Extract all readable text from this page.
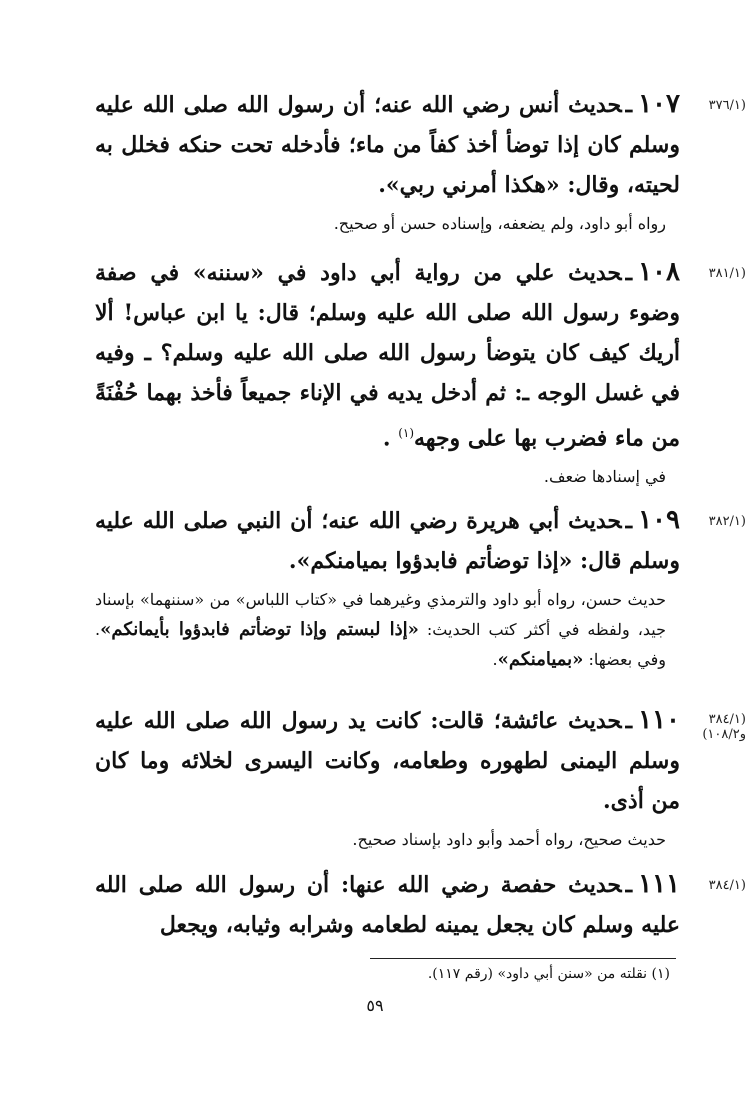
(٣٧٦/١

١٠٧ـحديث أنس رضي الله عنه؛ أن رسول الله صلى الله عليه وسلم كان إذا توضأ أخذ كفاً من ماء؛ فأدخله تحت حنكه فخلل به لحيته، وقال: «هكذا أمرني ربي».

رواه أبو داود، ولم يضعفه، وإسناده حسن أو صحيح.

(٣٨١/١

١٠٨ـحديث علي من رواية أبي داود في «سننه» في صفة وضوء رسول الله صلى الله عليه وسلم؛ قال: يا ابن عباس! ألا أريك كيف كان يتوضأ رسول الله صلى الله عليه وسلم؟ ـ وفيه في غسل الوجه ـ: ثم أدخل يديه في الإناء جميعاً فأخذ بهما حُفْنَةً من ماء فضرب بها على وجهه$^{(١)}$ .

في إسنادها ضعف.

(٣٨٢/١

١٠٩ـحديث أبي هريرة رضي الله عنه؛ أن النبي صلى الله عليه وسلم قال: «إذا توضأتم فابدؤوا بميامنكم».

حديث حسن، رواه أبو داود والترمذي وغيرهما في «كتاب اللباس» من «سننهما» بإسناد جيد، ولفظه في أكثر كتب الحديث: «إذا لبستم وإذا توضأتم فابدؤوا بأيمانكم». وفي بعضها: «بميامنكم».

(٣٨٤/١
و١٠٨/٢)

١١٠ـحديث عائشة؛ قالت: كانت يد رسول الله صلى الله عليه وسلم اليمنى لطهوره وطعامه، وكانت اليسرى لخلائه وما كان من أذى.

حديث صحيح، رواه أحمد وأبو داود بإسناد صحيح.

(٣٨٤/١

١١١ـحديث حفصة رضي الله عنها: أن رسول الله صلى الله عليه وسلم كان يجعل يمينه لطعامه وشرابه وثيابه، ويجعل

(١) نقلته من «سنن أبي داود» (رقم ١١٧).
٥٩
